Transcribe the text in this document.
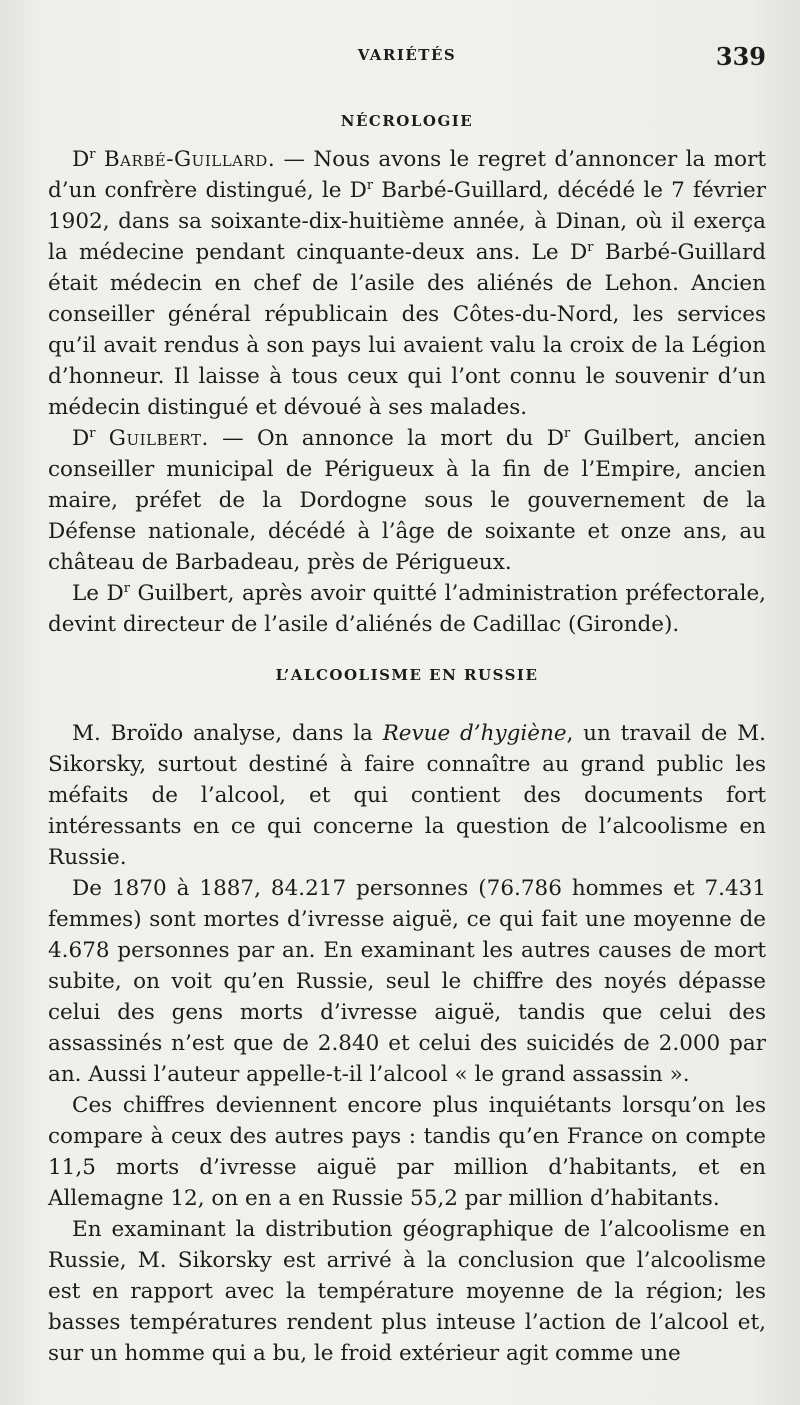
VARIÉTÉS	339
NÉCROLOGIE

$D^r$ Barbé-Guillard. — Nous avons le regret d’annoncer la mort d’un confrère distingué, le $D^r$ Barbé-Guillard, décédé le 7 février 1902, dans sa soixante-dix-huitième année, à Dinan, où il exerça la médecine pendant cinquante-deux ans. Le $D^r$ Barbé-Guillard était médecin en chef de l’asile des aliénés de Lehon. Ancien conseiller général républicain des Côtes-du-Nord, les services qu’il avait rendus à son pays lui avaient valu la croix de la Légion d’honneur. Il laisse à tous ceux qui l’ont connu le souvenir d’un médecin distingué et dévoué à ses malades.

$D^r$ Guilbert. — On annonce la mort du $D^r$ Guilbert, ancien conseiller municipal de Périgueux à la fin de l’Empire, ancien maire, préfet de la Dordogne sous le gouvernement de la Défense nationale, décédé à l’âge de soixante et onze ans, au château de Barbadeau, près de Périgueux.

Le $D^r$ Guilbert, après avoir quitté l’administration préfectorale, devint directeur de l’asile d’aliénés de Cadillac (Gironde).

L’ALCOOLISME EN RUSSIE

M. Broïdo analyse, dans la Revue d’hygiène, un travail de M. Sikorsky, surtout destiné à faire connaître au grand public les méfaits de l’alcool, et qui contient des documents fort intéressants en ce qui concerne la question de l’alcoolisme en Russie.

De 1870 à 1887, 84.217 personnes (76.786 hommes et 7.431 femmes) sont mortes d’ivresse aiguë, ce qui fait une moyenne de 4.678 personnes par an. En examinant les autres causes de mort subite, on voit qu’en Russie, seul le chiffre des noyés dépasse celui des gens morts d’ivresse aiguë, tandis que celui des assassinés n’est que de 2.840 et celui des suicidés de 2.000 par an. Aussi l’auteur appelle-t-il l’alcool « le grand assassin ».

Ces chiffres deviennent encore plus inquiétants lorsqu’on les compare à ceux des autres pays : tandis qu’en France on compte 11,5 morts d’ivresse aiguë par million d’habitants, et en Allemagne 12, on en a en Russie 55,2 par million d’habitants.

En examinant la distribution géographique de l’alcoolisme en Russie, M. Sikorsky est arrivé à la conclusion que l’alcoolisme est en rapport avec la température moyenne de la région; les basses températures rendent plus inteuse l’action de l’alcool et, sur un homme qui a bu, le froid extérieur agit comme une
